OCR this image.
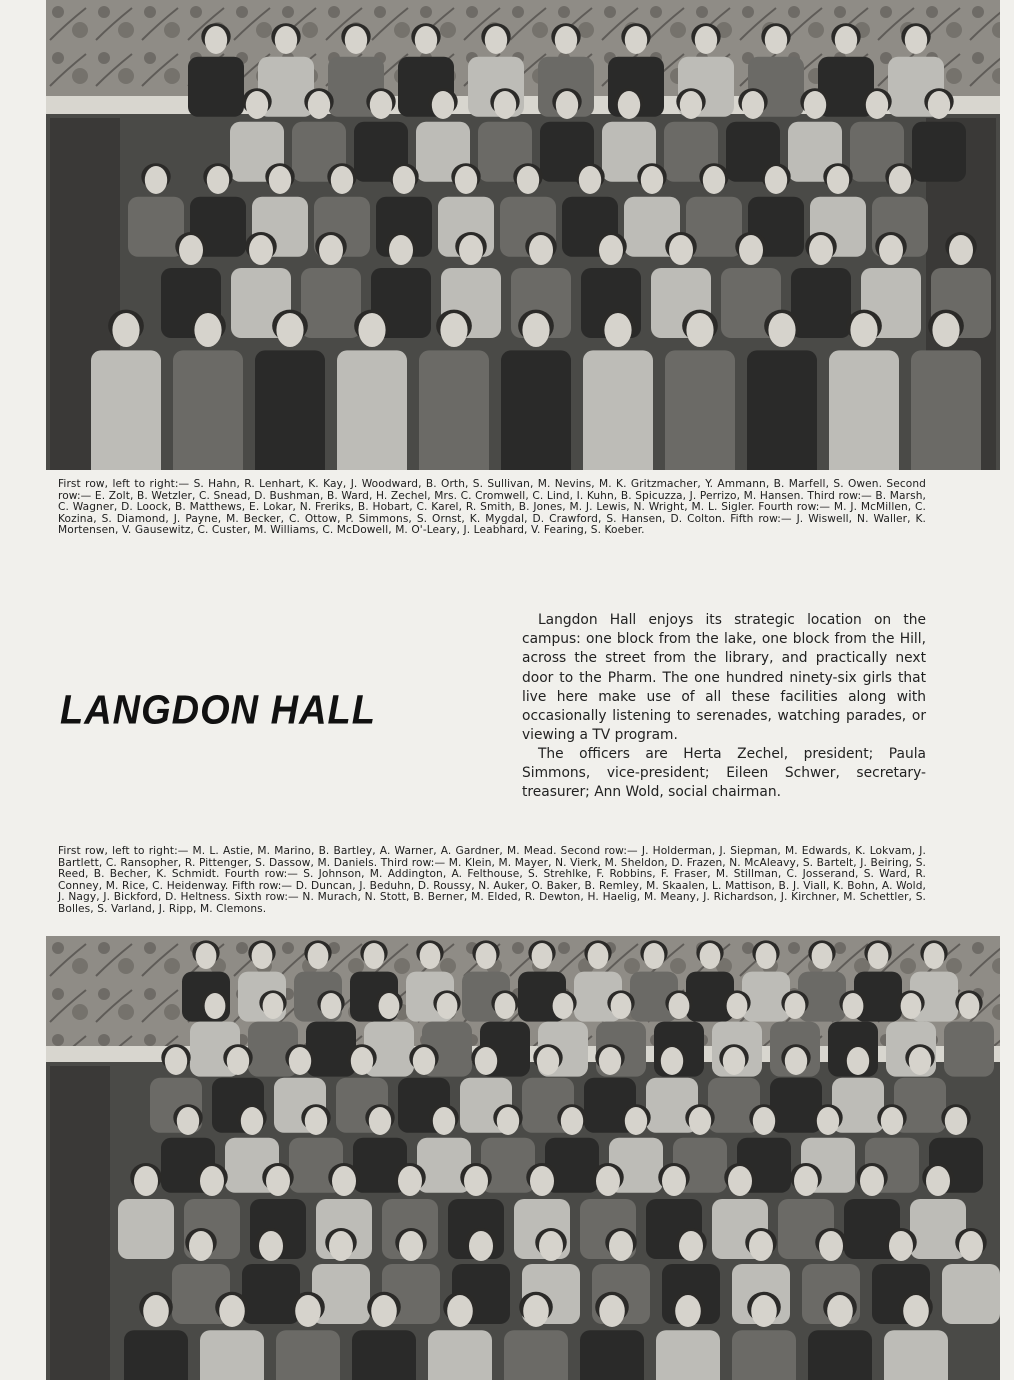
First row, left to right:— S. Hahn, R. Lenhart, K. Kay, J. Woodward, B. Orth, S. Sullivan, M. Nevins, M. K. Gritzmacher, Y. Ammann, B. Marfell, S. Owen. Second row:— E. Zolt, B. Wetzler, C. Snead, D. Bushman, B. Ward, H. Zechel, Mrs. C. Cromwell, C. Lind, I. Kuhn, B. Spicuzza, J. Perrizo, M. Hansen. Third row:— B. Marsh, C. Wagner, D. Loock, B. Matthews, E. Lokar, N. Freriks, B. Hobart, C. Karel, R. Smith, B. Jones, M. J. Lewis, N. Wright, M. L. Sigler. Fourth row:— M. J. McMillen, C. Kozina, S. Diamond, J. Payne, M. Becker, C. Ottow, P. Simmons, S. Ornst, K. Mygdal, D. Crawford, S. Hansen, D. Colton. Fifth row:— J. Wiswell, N. Waller, K. Mortensen, V. Gausewitz, C. Custer, M. Williams, C. McDowell, M. O'-Leary, J. Leabhard, V. Fearing, S. Koeber.

LANGDON HALL

Langdon Hall enjoys its strategic location on the campus: one block from the lake, one block from the Hill, across the street from the library, and practically next door to the Pharm. The one hundred ninety-six girls that live here make use of all these facilities along with occasionally listening to serenades, watching parades, or viewing a TV program.

The officers are Herta Zechel, president; Paula Simmons, vice-president; Eileen Schwer, secretary-treasurer; Ann Wold, social chairman.

First row, left to right:— M. L. Astie, M. Marino, B. Bartley, A. Warner, A. Gardner, M. Mead. Second row:— J. Holderman, J. Siepman, M. Edwards, K. Lokvam, J. Bartlett, C. Ransopher, R. Pittenger, S. Dassow, M. Daniels. Third row:— M. Klein, M. Mayer, N. Vierk, M. Sheldon, D. Frazen, N. McAleavy, S. Bartelt, J. Beiring, S. Reed, B. Becher, K. Schmidt. Fourth row:— S. Johnson, M. Addington, A. Felthouse, S. Strehlke, F. Robbins, F. Fraser, M. Stillman, C. Josserand, S. Ward, R. Conney, M. Rice, C. Heidenway. Fifth row:— D. Duncan, J. Beduhn, D. Roussy, N. Auker, O. Baker, B. Remley, M. Skaalen, L. Mattison, B. J. Viall, K. Bohn, A. Wold, J. Nagy, J. Bickford, D. Heltness. Sixth row:— N. Murach, N. Stott, B. Berner, M. Elded, R. Dewton, H. Haelig, M. Meany, J. Richardson, J. Kirchner, M. Schettler, S. Bolles, S. Varland, J. Ripp, M. Clemons.
